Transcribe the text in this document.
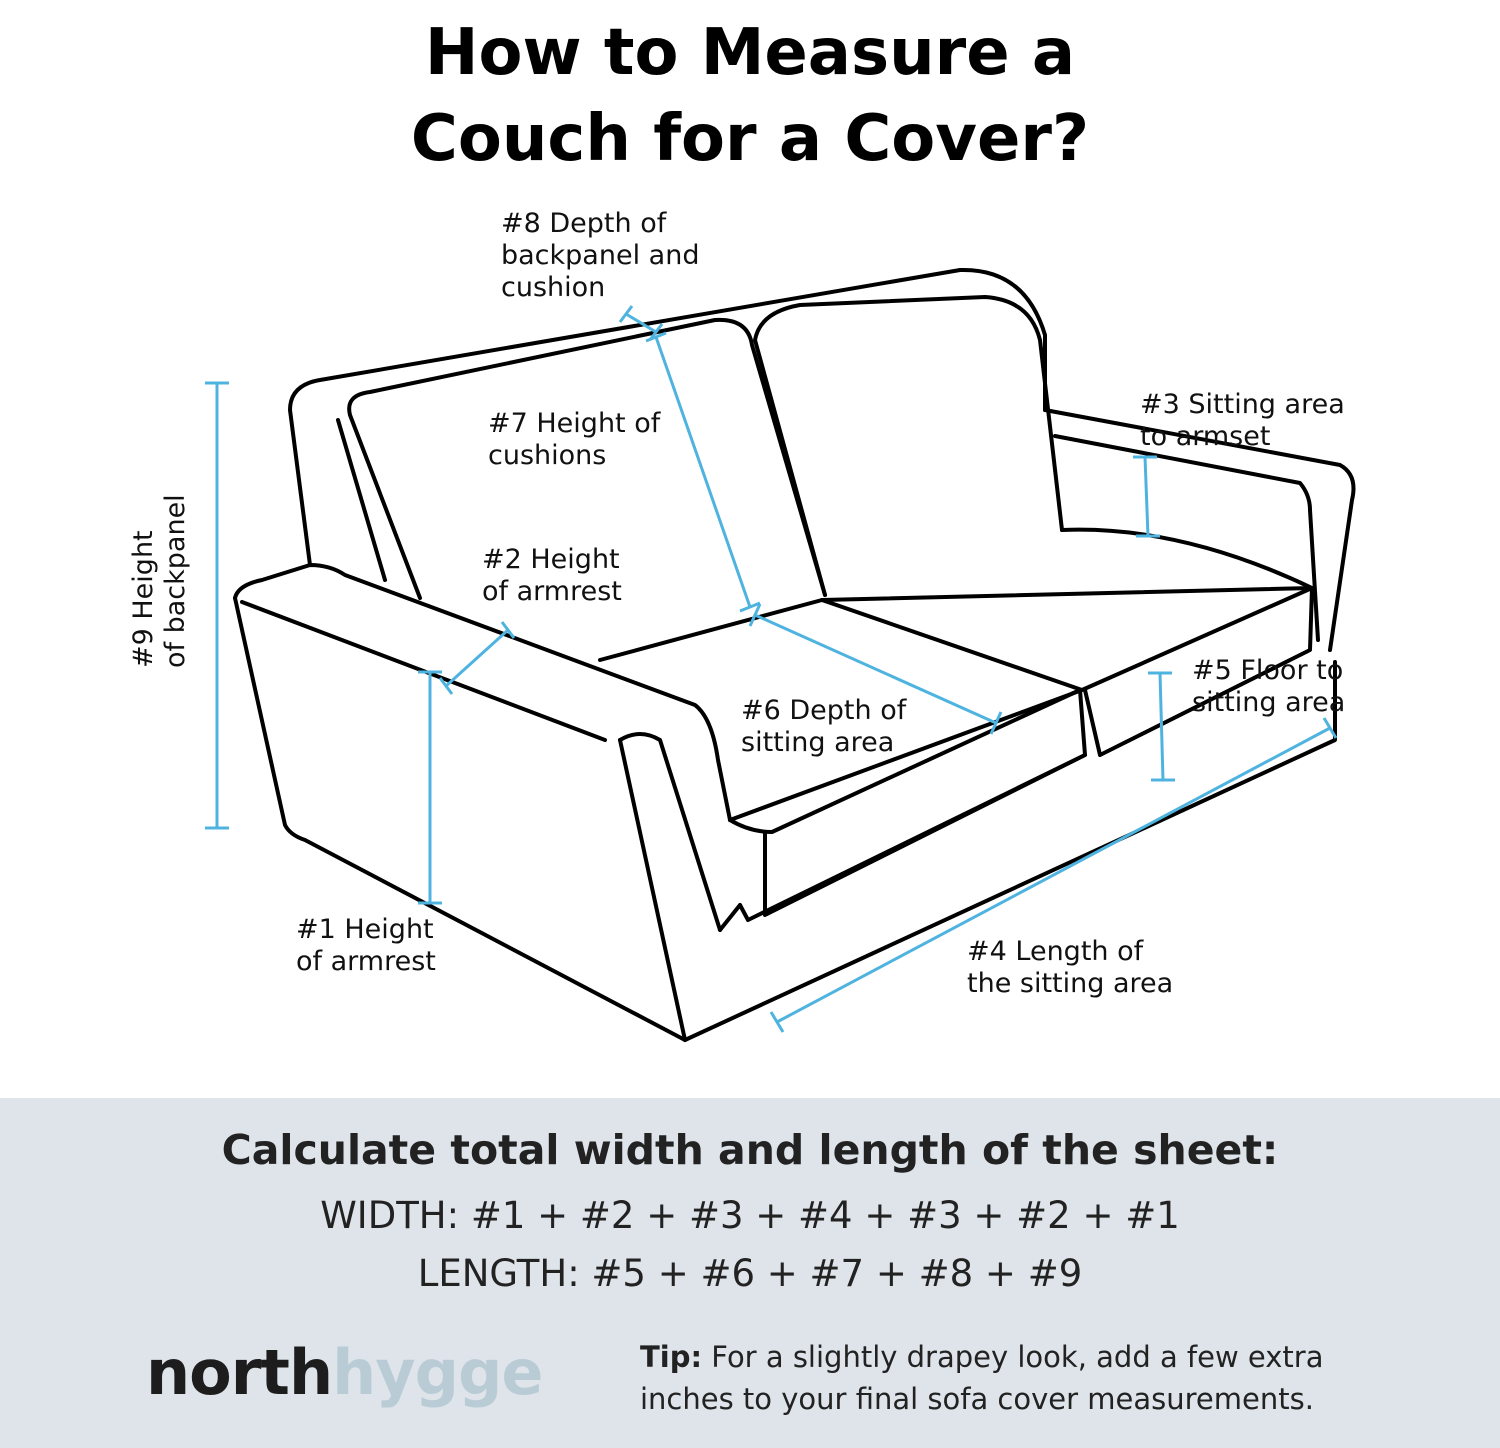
How to Measure a
Couch for a Cover?
#8 Depth of
backpanel and
cushion
#7 Height of
cushions
#2 Height
of armrest
#3 Sitting area
to armset
#5 Floor to
sitting area
#6 Depth of
sitting area
#1 Height
of armrest	#4 Length of
the sitting area
#9 Height of backpanel
Calculate total width and length of the sheet:
WIDTH: #1 + #2 + #3 + #4 + #3 + #2 + #1
LENGTH: #5 + #6 + #7 + #8 + #9
northhygge	Tip: For a slightly drapey look, add a few extra inches to your final sofa cover measurements.
